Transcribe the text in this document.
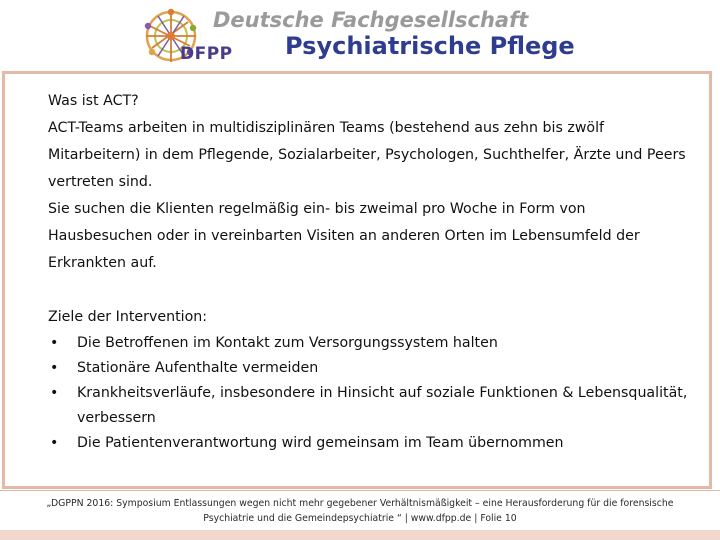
DFPP
Deutsche Fachgesellschaft
Psychiatrische Pflege

Was ist ACT?

ACT-Teams arbeiten in multidisziplinären Teams (bestehend aus zehn bis zwölf Mitarbeitern) in dem Pflegende, Sozialarbeiter, Psychologen, Suchthelfer, Ärzte und Peers vertreten sind.

Sie suchen die Klienten regelmäßig ein- bis zweimal pro Woche in Form von Hausbesuchen oder in vereinbarten Visiten an anderen Orten im Lebensumfeld der Erkrankten auf.

Ziele der Intervention:

• Die Betroffenen im Kontakt zum Versorgungssystem halten
• Stationäre Aufenthalte vermeiden
• Krankheitsverläufe, insbesondere in Hinsicht auf soziale Funktionen & Lebensqualität, verbessern
• Die Patientenverantwortung wird gemeinsam im Team übernommen
„DGPPN 2016: Symposium Entlassungen wegen nicht mehr gegebener Verhältnismäßigkeit – eine Herausforderung für die forensische
Psychiatrie und die Gemeindepsychiatrie “ | www.dfpp.de | Folie 10
